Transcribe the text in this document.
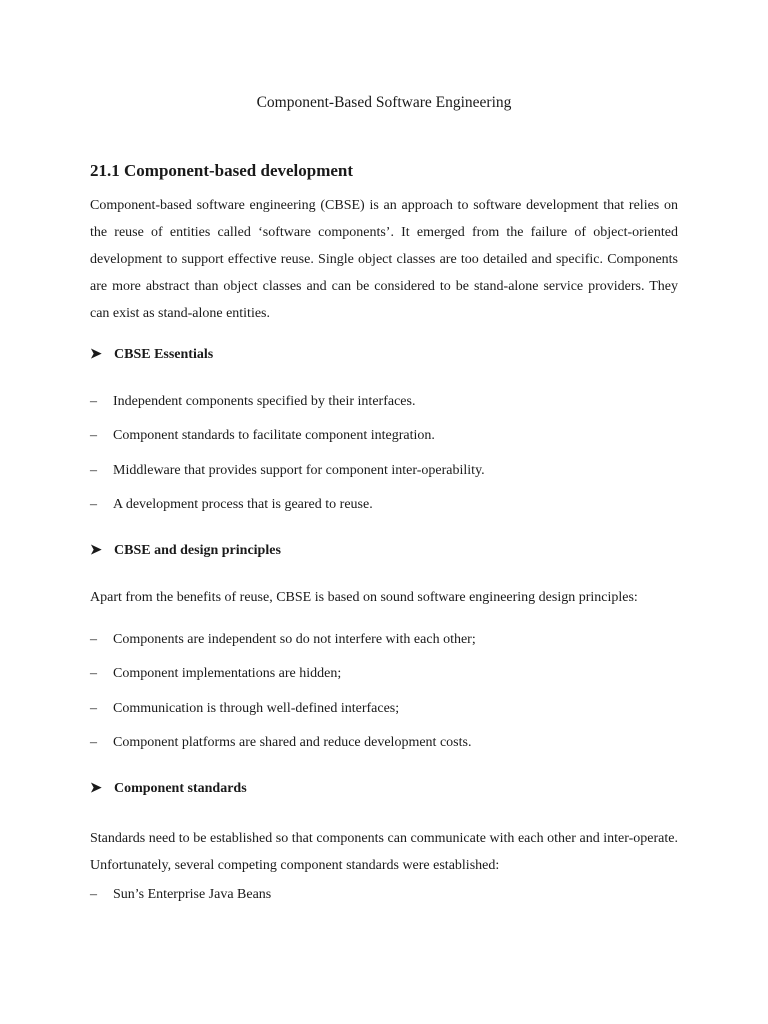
Component-Based Software Engineering
21.1 Component-based development
Component-based software engineering (CBSE) is an approach to software development that relies on the reuse of entities called ‘software components’. It emerged from the failure of object-oriented development to support effective reuse. Single object classes are too detailed and specific. Components are more abstract than object classes and can be considered to be stand-alone service providers. They can exist as stand-alone entities.
➤ CBSE Essentials
– Independent components specified by their interfaces.
– Component standards to facilitate component integration.
– Middleware that provides support for component inter-operability.
– A development process that is geared to reuse.
➤ CBSE and design principles
Apart from the benefits of reuse, CBSE is based on sound software engineering design principles:
– Components are independent so do not interfere with each other;
– Component implementations are hidden;
– Communication is through well-defined interfaces;
– Component platforms are shared and reduce development costs.
➤ Component standards
Standards need to be established so that components can communicate with each other and inter-operate. Unfortunately, several competing component standards were established:
– Sun’s Enterprise Java Beans
